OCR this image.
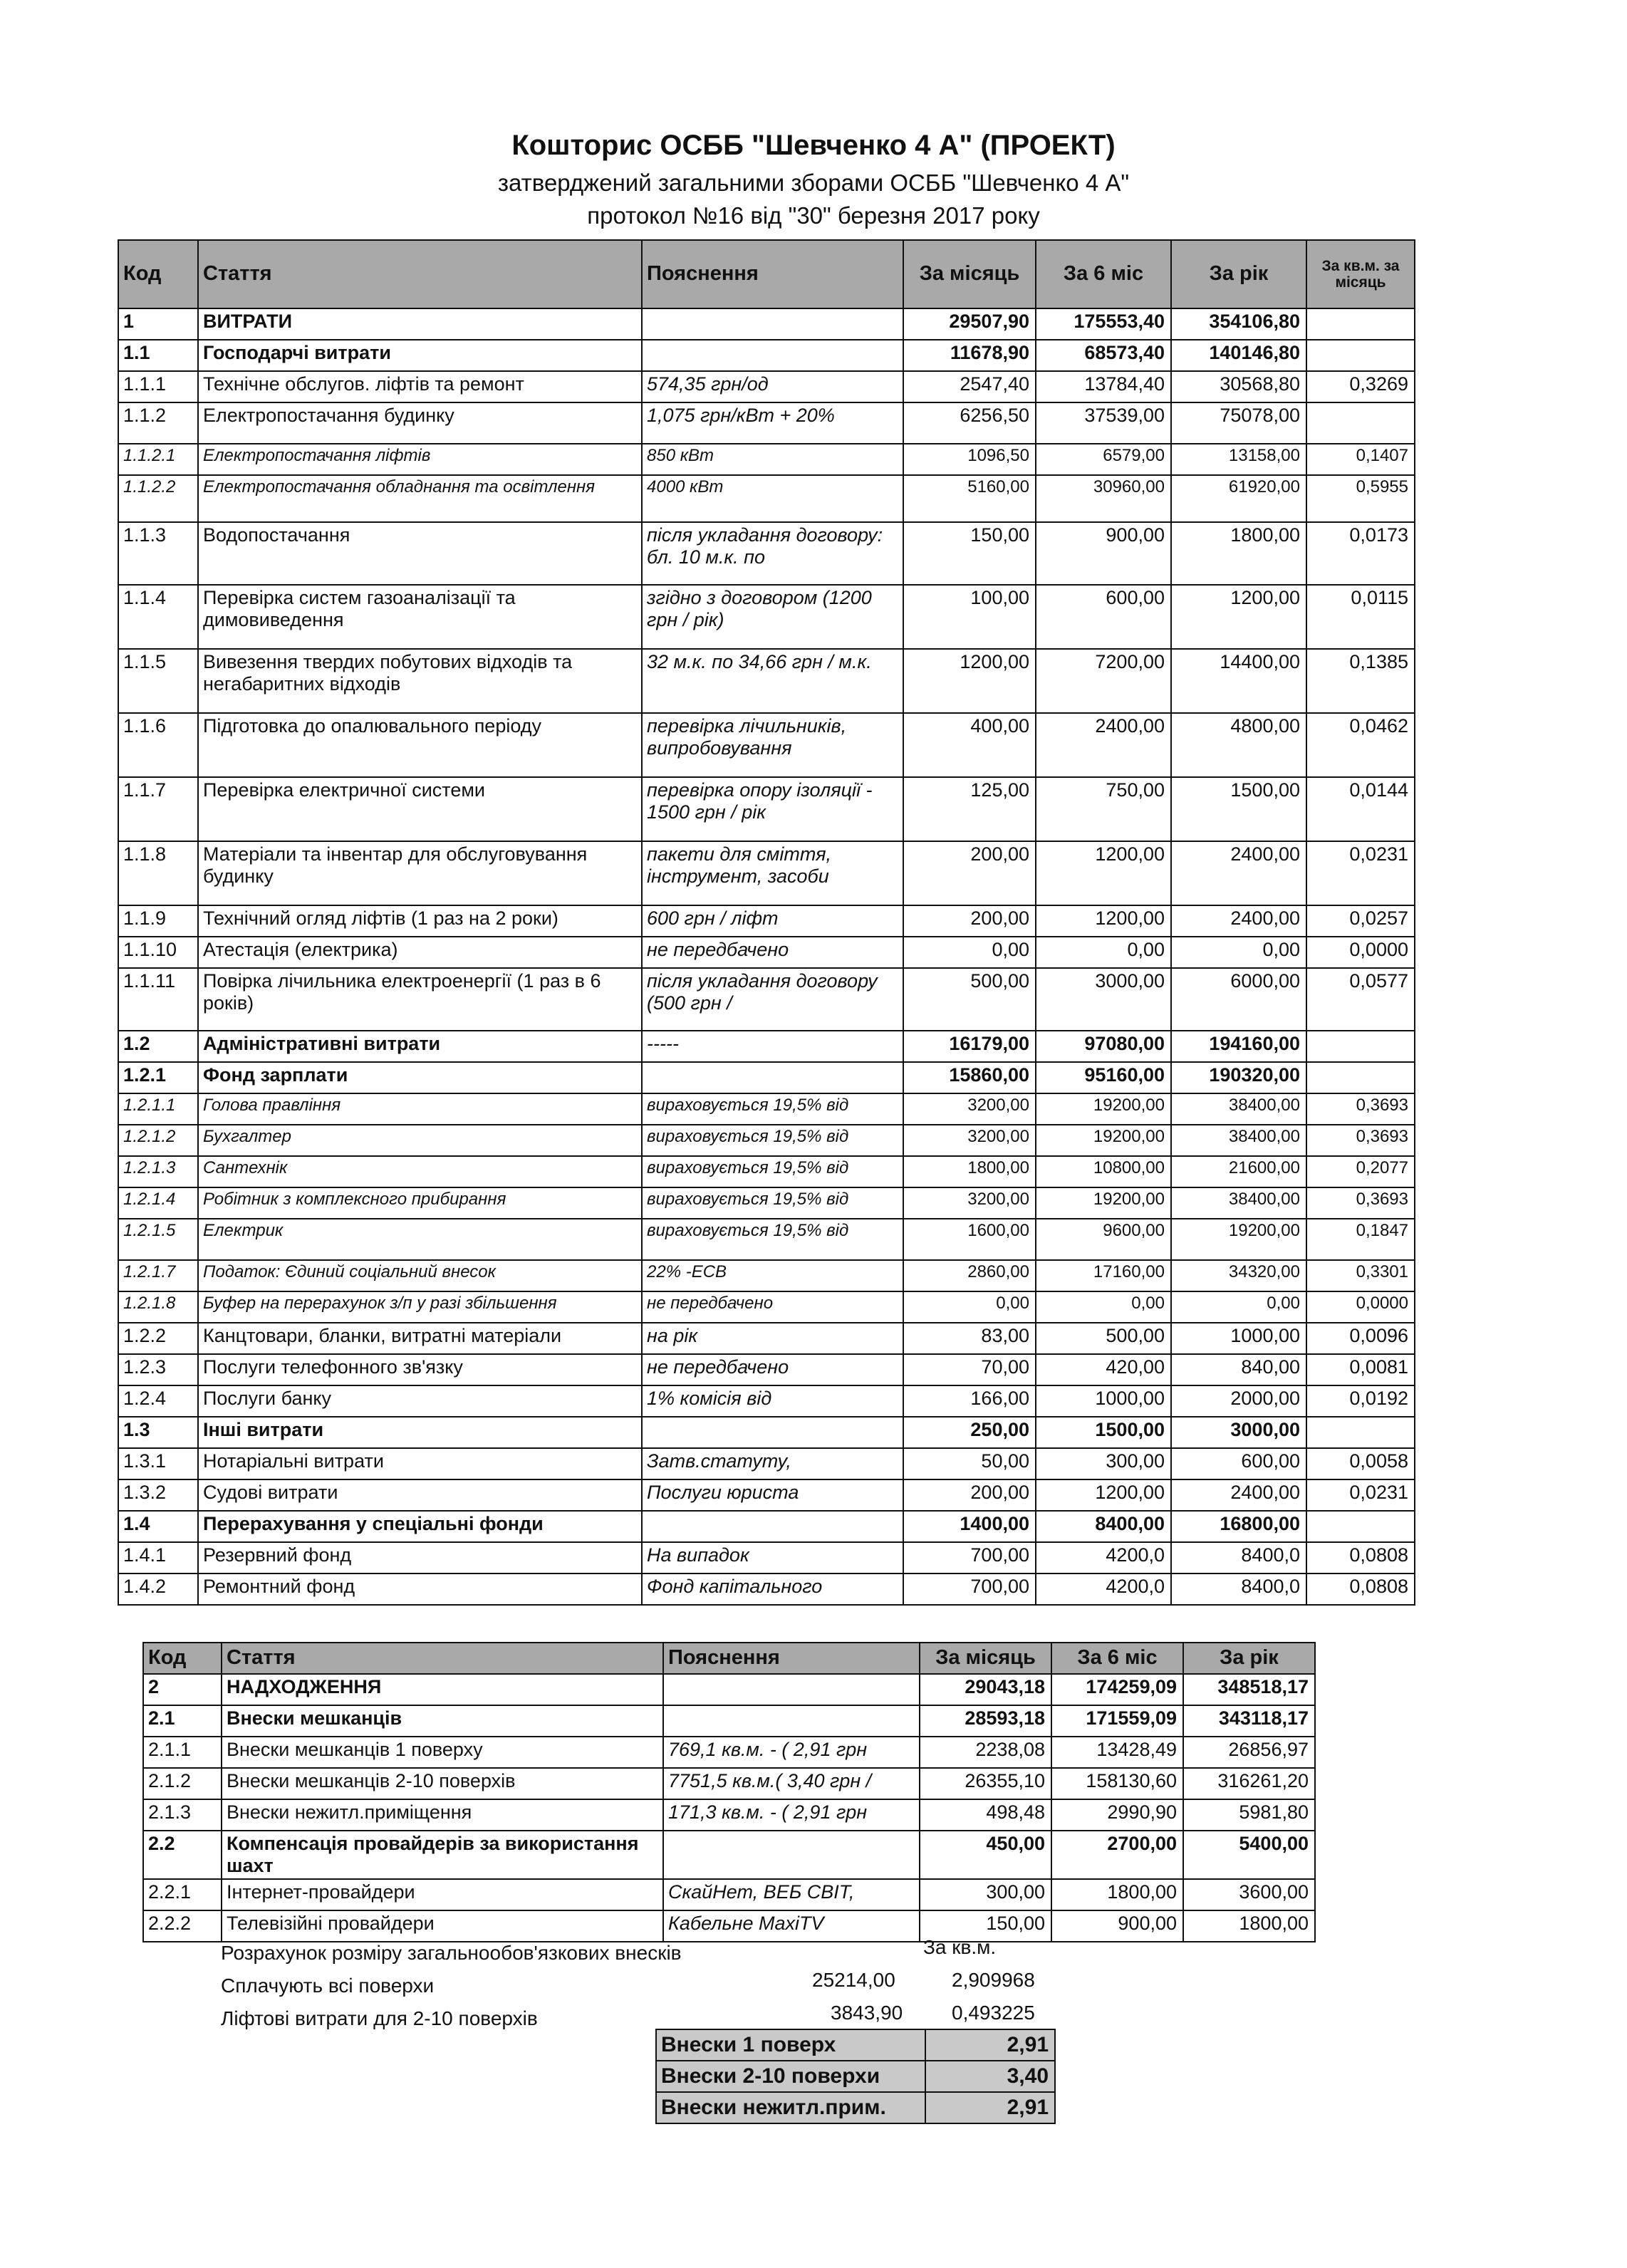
Кошторис ОСББ "Шевченко 4 А" (ПРОЕКТ)
затверджений загальними зборами ОСББ "Шевченко 4 А"
протокол №16 від "30" березня 2017 року
Код	Стаття	Пояснення	За місяць	За 6 міс	За рік	За кв.м. за місяць
1	ВИТРАТИ		29507,90	175553,40	354106,80	
1.1	Господарчі витрати		11678,90	68573,40	140146,80	
1.1.1	Технічне обслугов. ліфтів та ремонт	574,35 грн/од	2547,40	13784,40	30568,80	0,3269
1.1.2	Електропостачання будинку	1,075 грн/кВт + 20%	6256,50	37539,00	75078,00	
1.1.2.1	Електропостачання ліфтів	850 кВт	1096,50	6579,00	13158,00	0,1407
1.1.2.2	Електропостачання обладнання та освітлення	4000 кВт	5160,00	30960,00	61920,00	0,5955
1.1.3	Водопостачання	після укладання договору: бл. 10 м.к. по	150,00	900,00	1800,00	0,0173
1.1.4	Перевірка систем газоаналізації та димовиведення	згідно з договором (1200 грн / рік)	100,00	600,00	1200,00	0,0115
1.1.5	Вивезення твердих побутових відходів та негабаритних відходів	32 м.к. по 34,66 грн / м.к.	1200,00	7200,00	14400,00	0,1385
1.1.6	Підготовка до опалювального періоду	перевірка лічильників, випробовування	400,00	2400,00	4800,00	0,0462
1.1.7	Перевірка електричної системи	перевірка опору ізоляції - 1500 грн / рік	125,00	750,00	1500,00	0,0144
1.1.8	Матеріали та інвентар для обслуговування будинку	пакети для сміття, інструмент, засоби	200,00	1200,00	2400,00	0,0231
1.1.9	Технічний огляд ліфтів (1 раз на 2 роки)	600 грн / ліфт	200,00	1200,00	2400,00	0,0257
1.1.10	Атестація (електрика)	не передбачено	0,00	0,00	0,00	0,0000
1.1.11	Повірка лічильника електроенергії (1 раз в 6 років)	після укладання договору (500 грн /	500,00	3000,00	6000,00	0,0577
1.2	Адміністративні витрати	-----	16179,00	97080,00	194160,00	
1.2.1	Фонд зарплати		15860,00	95160,00	190320,00	
1.2.1.1	Голова правління	вираховується 19,5% від	3200,00	19200,00	38400,00	0,3693
1.2.1.2	Бухгалтер	вираховується 19,5% від	3200,00	19200,00	38400,00	0,3693
1.2.1.3	Сантехнік	вираховується 19,5% від	1800,00	10800,00	21600,00	0,2077
1.2.1.4	Робітник з комплексного прибирання	вираховується 19,5% від	3200,00	19200,00	38400,00	0,3693
1.2.1.5	Електрик	вираховується 19,5% від	1600,00	9600,00	19200,00	0,1847
1.2.1.7	Податок: Єдиний соціальний внесок	22% -ЕСВ	2860,00	17160,00	34320,00	0,3301
1.2.1.8	Буфер на перерахунок з/п у разі збільшення	не передбачено	0,00	0,00	0,00	0,0000
1.2.2	Канцтовари, бланки, витратні матеріали	на рік	83,00	500,00	1000,00	0,0096
1.2.3	Послуги телефонного зв'язку	не передбачено	70,00	420,00	840,00	0,0081
1.2.4	Послуги банку	1% комісія від	166,00	1000,00	2000,00	0,0192
1.3	Інші витрати		250,00	1500,00	3000,00	
1.3.1	Нотаріальні витрати	Затв.статуту,	50,00	300,00	600,00	0,0058
1.3.2	Судові витрати	Послуги юриста	200,00	1200,00	2400,00	0,0231
1.4	Перерахування у спеціальні фонди		1400,00	8400,00	16800,00	
1.4.1	Резервний фонд	На випадок	700,00	4200,0	8400,0	0,0808
1.4.2	Ремонтний фонд	Фонд капітального	700,00	4200,0	8400,0	0,0808
Код	Стаття	Пояснення	За місяць	За 6 міс	За рік
2	НАДХОДЖЕННЯ		29043,18	174259,09	348518,17
2.1	Внески мешканців		28593,18	171559,09	343118,17
2.1.1	Внески мешканців 1 поверху	769,1 кв.м. - ( 2,91 грн	2238,08	13428,49	26856,97
2.1.2	Внески мешканців 2-10 поверхів	7751,5 кв.м.( 3,40 грн /	26355,10	158130,60	316261,20
2.1.3	Внески нежитл.приміщення	171,3 кв.м. - ( 2,91 грн	498,48	2990,90	5981,80
2.2	Компенсація провайдерів за використання шахт		450,00	2700,00	5400,00
2.2.1	Інтернет-провайдери	СкайНет, ВЕБ СВІТ,	300,00	1800,00	3600,00
2.2.2	Телевізійні провайдери	Кабельне MaxiTV	150,00	900,00	1800,00
Розрахунок розміру загальнообов'язкових внесків	За кв.м.
Сплачують всі поверхи	25214,00	2,909968
Ліфтові витрати для 2-10 поверхів	3843,90 0,493225
Внески 1 поверх	2,91
Внески 2-10 поверхи	3,40
Внески нежитл.прим.	2,91
